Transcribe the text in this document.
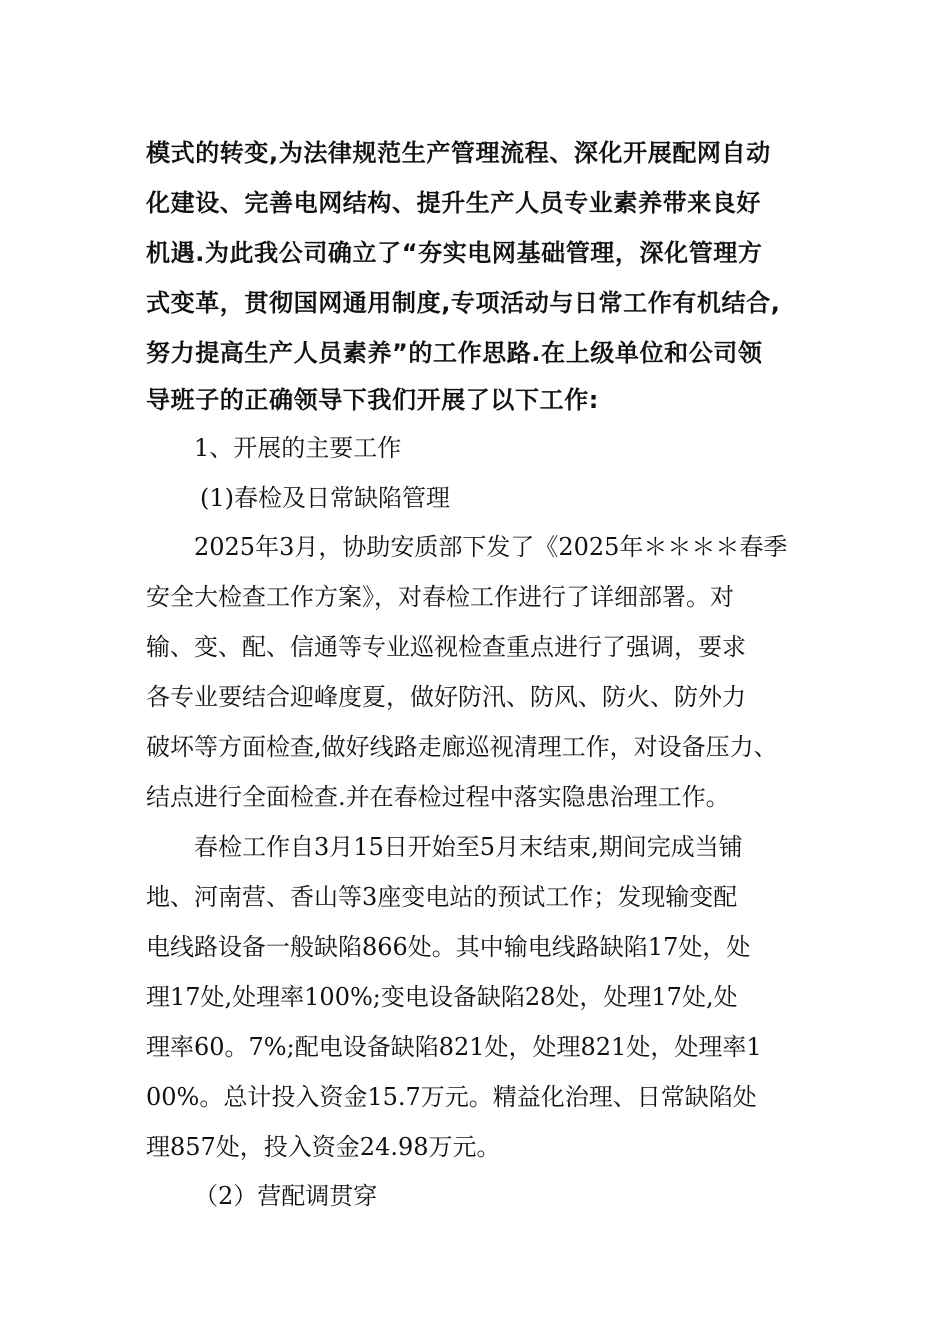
模式的转变,为法律规范生产管理流程、深化开展配网自动
化建设、完善电网结构、提升生产人员专业素养带来良好
机遇.为此我公司确立了“夯实电网基础管理，深化管理方
式变革，贯彻国网通用制度,专项活动与日常工作有机结合,
努力提高生产人员素养”的工作思路.在上级单位和公司领
导班子的正确领导下我们开展了以下工作:
1、开展的主要工作
(1)春检及日常缺陷管理
2025年3月，协助安质部下发了《2025年＊＊＊＊春季
安全大检查工作方案》，对春检工作进行了详细部署。对
输、变、配、信通等专业巡视检查重点进行了强调，要求
各专业要结合迎峰度夏，做好防汛、防风、防火、防外力
破坏等方面检查,做好线路走廊巡视清理工作，对设备压力、
结点进行全面检查.并在春检过程中落实隐患治理工作。
春检工作自3月15日开始至5月末结束,期间完成当铺
地、河南营、香山等3座变电站的预试工作；发现输变配
电线路设备一般缺陷866处。其中输电线路缺陷17处，处
理17处,处理率100%;变电设备缺陷28处，处理17处,处
理率60。7%;配电设备缺陷821处，处理821处，处理率1
00%。总计投入资金15.7万元。精益化治理、日常缺陷处
理857处，投入资金24.98万元。
（2）营配调贯穿
